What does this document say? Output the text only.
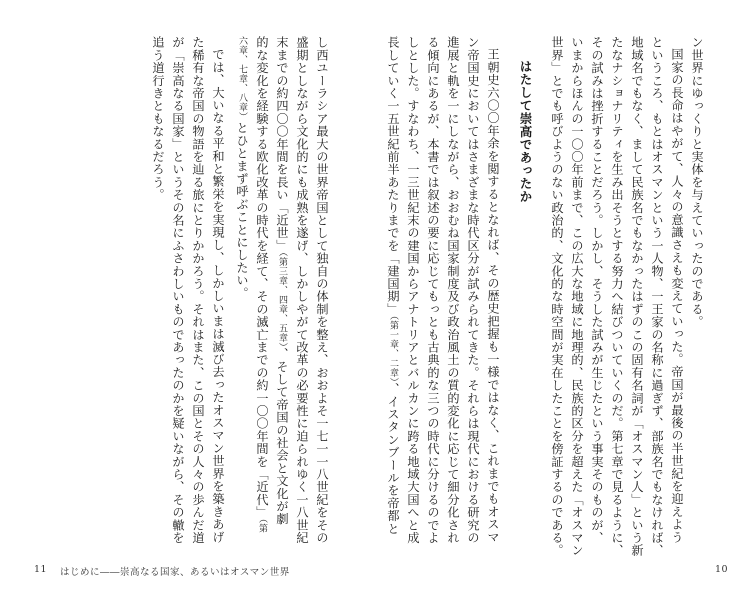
ン世界にゆっくりと実体を与えていったのである。

国家の長命はやがて、人々の意識さえも変えていった。帝国が最後の半世紀を迎えよう

というころ、もとはオスマンという一人物、一王家の名称に過ぎず、部族名でもなければ、

地域名でもなく、まして民族名でもなかったはずのこの固有名詞が「オスマン人」という新

たなナショナリティを生み出そうとする努力へ結びついていくのだ。第七章で見るように、

その試みは挫折することだろう。しかし、そうした試みが生じたという事実そのものが、

いまからほんの一〇〇年前まで、この広大な地域に地理的、民族的区分を超えた「オスマン

世界」とでも呼びようのない政治的、文化的な時空間が実在したことを傍証するのである。

はたして崇高であったか

王朝史六〇〇年余を閲するとなれば、その歴史把握も一様ではなく、これまでもオスマ

ン帝国史においてはさまざまな時代区分が試みられてきた。それらは現代における研究の

進展と軌を一にしながら、おおむね国家制度及び政治風土の質的変化に応じて細分化され

る傾向にあるが、本書では叙述の要に応じてもっとも古典的な三つの時代に分けるのでよ

しとした。すなわち、一三世紀末の建国からアナトリアとバルカンに跨る地域大国へと成

長していく一五世紀前半あたりまでを「建国期」（第一章、二章）、イスタンブールを帝都と

10

し西ユーラシア最大の世界帝国として独自の体制を整え、おおよそ一七一一八世紀をその

盛期としながら文化的にも成熟を遂げ、しかしやがて改革の必要性に迫られゆく一八世紀

末までの約四〇〇年間を長い「近世」（第三章、四章、五章）、そして帝国の社会と文化が劇

的な変化を経験する欧化改革の時代を経て、その滅亡までの約一〇〇年間を「近代」（第

六章、七章、八章）とひとまず呼ぶことにしたい。

では、大いなる平和と繁栄を実現し、しかしいまは滅び去ったオスマン世界を築きあげ

た稀有な帝国の物語を辿る旅にとりかかろう。それはまた、この国とその人々の歩んだ道

が「崇高なる国家」というその名にふさわしいものであったのかを疑いながら、その轍を

追う道行きともなるだろう。

11 はじめに――崇高なる国家、あるいはオスマン世界
